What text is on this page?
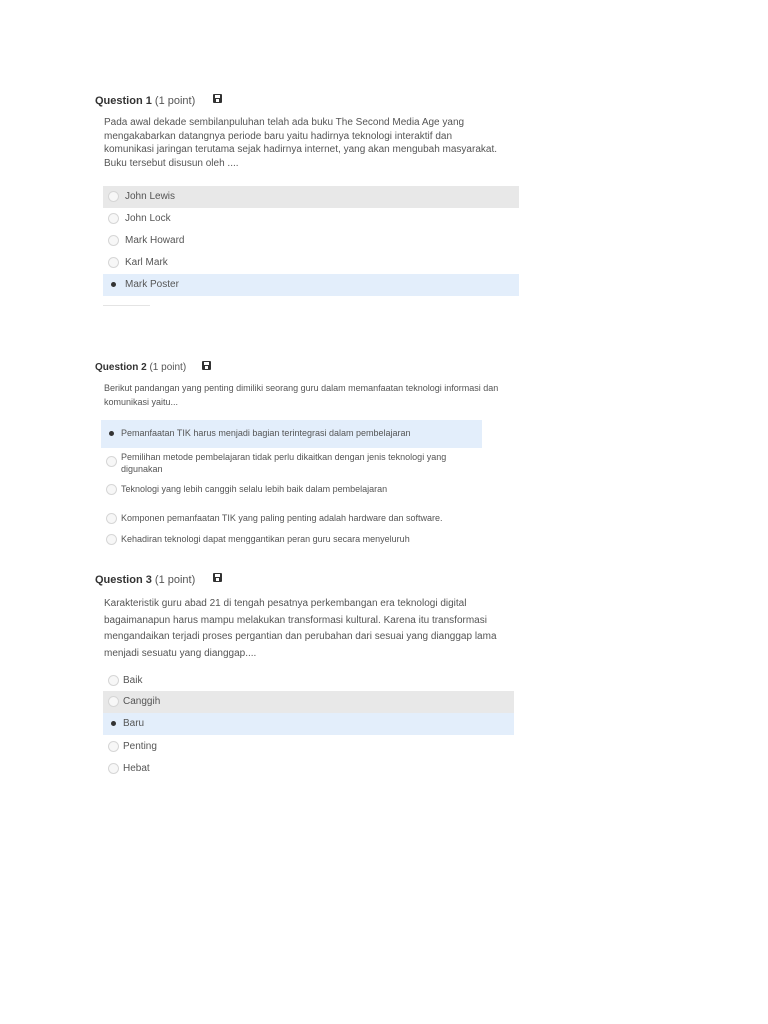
Question 1 (1 point)
Pada awal dekade sembilanpuluhan telah ada buku The Second Media Age yang mengakabarkan datangnya periode baru yaitu hadirnya teknologi interaktif dan komunikasi jaringan terutama sejak hadirnya internet, yang akan mengubah masyarakat. Buku tersebut disusun oleh ....
John Lewis
John Lock
Mark Howard
Karl Mark
Mark Poster
Question 2 (1 point)
Berikut pandangan yang penting dimiliki seorang guru dalam memanfaatan teknologi informasi dan komunikasi yaitu...
Pemanfaatan TIK harus menjadi bagian terintegrasi dalam pembelajaran
Pemilihan metode pembelajaran tidak perlu dikaitkan dengan jenis teknologi yang digunakan
Teknologi yang lebih canggih selalu lebih baik dalam pembelajaran
Komponen pemanfaatan TIK yang paling penting adalah hardware dan software.
Kehadiran teknologi dapat menggantikan peran guru secara menyeluruh
Question 3 (1 point)
Karakteristik guru abad 21 di tengah pesatnya perkembangan era teknologi digital bagaimanapun harus mampu melakukan transformasi kultural. Karena itu transformasi mengandaikan terjadi proses pergantian dan perubahan dari sesuai yang dianggap lama menjadi sesuatu yang dianggap....
Baik
Canggih
Baru
Penting
Hebat
